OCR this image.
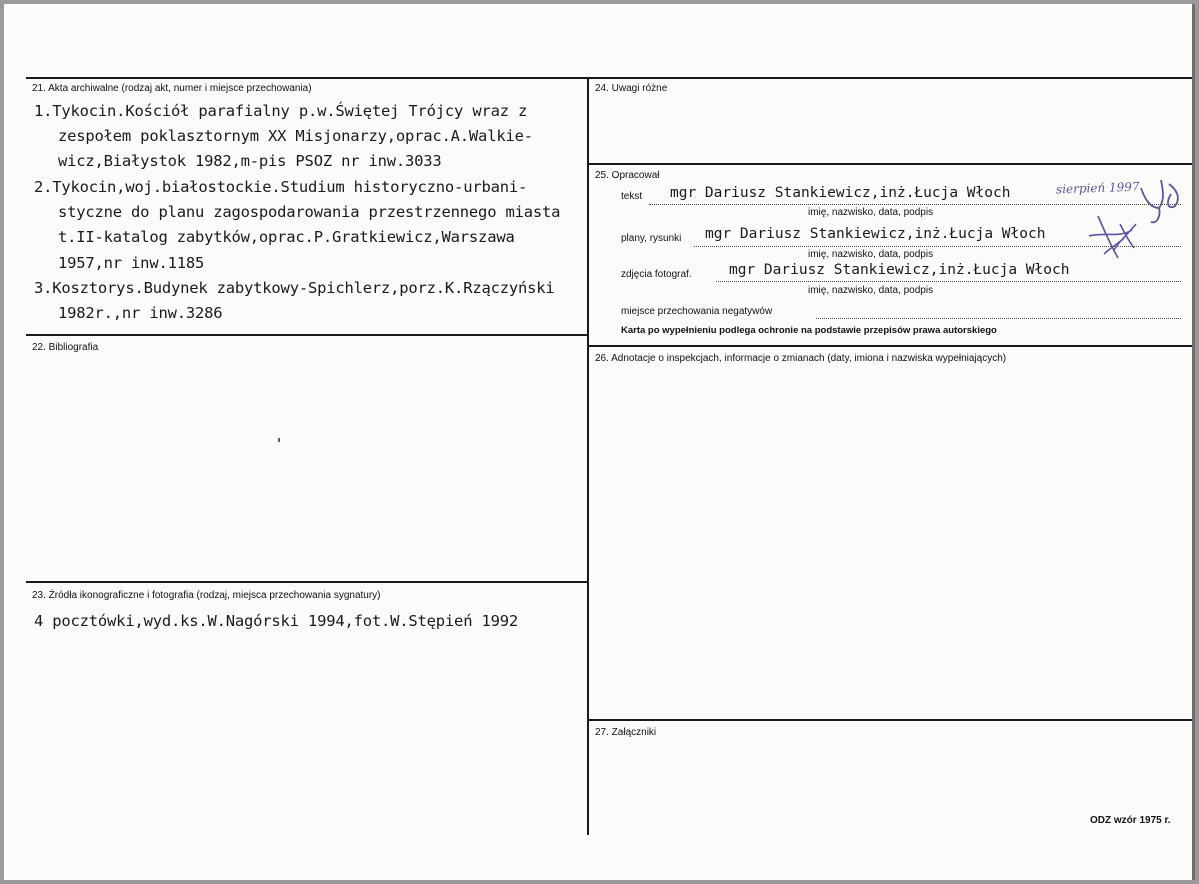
21. Akta archiwalne (rodzaj akt, numer i miejsce przechowania)
1.Tykocin.Kościół parafialny p.w.Świętej Trójcy wraz z
zespołem poklasztornym XX Misjonarzy,oprac.A.Walkie-
wicz,Białystok 1982,m-pis PSOZ nr inw.3033
2.Tykocin,woj.białostockie.Studium historyczno-urbani-
styczne do planu zagospodarowania przestrzennego miasta
t.II-katalog zabytków,oprac.P.Gratkiewicz,Warszawa
1957,nr inw.1185
3.Kosztorys.Budynek zabytkowy-Spichlerz,porz.K.Rzączyński
1982r.,nr inw.3286
22. Bibliografia
23. Źródła ikonograficzne i fotografia (rodzaj, miejsca przechowania sygnatury)
4 pocztówki,wyd.ks.W.Nagórski 1994,fot.W.Stępień 1992
24. Uwagi różne
25. Opracował
tekst mgr Dariusz Stankiewicz,inż.Łucja Włoch
imię, nazwisko, data, podpis
plany, rysunki mgr Dariusz Stankiewicz,inż.Łucja Włoch
imię, nazwisko, data, podpis
zdjęcia fotograf.	mgr Dariusz Stankiewicz,inż.Łucja Włoch
imię, nazwisko, data, podpis
miejsce przechowania negatywów
Karta po wypełnieniu podlega ochronie na podstawie przepisów prawa autorskiego
sierpień 1997
26. Adnotacje o inspekcjach, informacje o zmianach (daty, imiona i nazwiska wypełniających)
27. Załączniki
ODZ wzór 1975 r.
